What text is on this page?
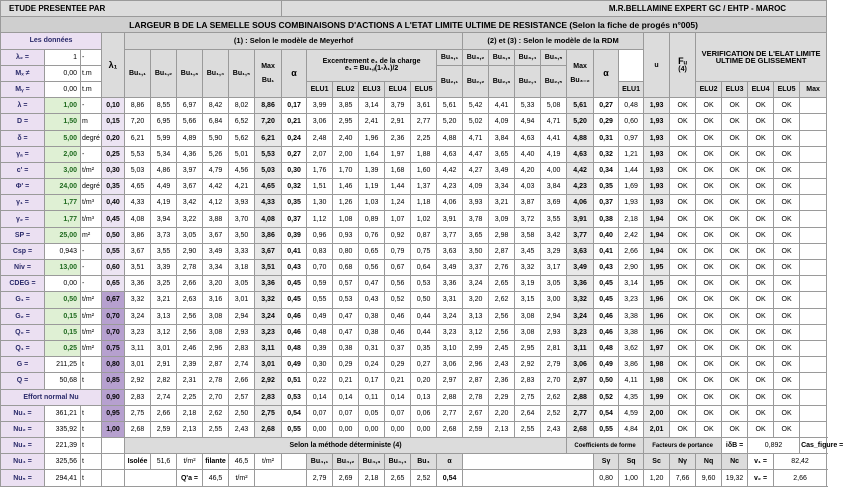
ETUDE PRESENTEE PAR										M.R.BELLAMINE EXPERT GC / EHTP - MAROC																					
LARGEUR B DE LA SEMELLE SOUS COMBINAISONS D'ACTIONS A L'ETAT LIMITE ULTIME DE RESISTANCE (Selon la fiche de progés n°005)																															
Les données			λ₁	(1) : Selon le modèle de Meyerhof													(2) et (3) : Selon le modèle de la RDM							u	Fᵤ
(4)	VERIFICATION DE L'ELAT LIMITE ULTIME DE GLISSEMENT					
λ₂ =	1	-		Bu₁,₁	Bu₁,₂	Bu₁,₃	Bu₁,₄	Bu₁,₅	Max

Bu₁	α	Excentrement e₁ de la charge
e₁ = Bu₁,ᵢ(1-λ₁)/2					Bu₃,₁	Bu₃,₂	Bu₃,₃	Bu₃,₄	Bu₃,₅	Max

Bu₃₋₂	α									
Mₓ ≠	0,00	t.m														Bu₂,₁	Bu₂,₂	Bu₂,₃	Bu₂,₄	Bu₂,₅											
Mᵧ =	0,00	t.m									ELU1	ELU2	ELU3	ELU4	ELU5								ELU1			ELU2	ELU3	ELU4	ELU5	Max	
λ =	1,00	-	0,10	8,86	8,55	6,97	8,42	8,02	8,86	0,17	3,99	3,85	3,14	3,79	3,61	5,61	5,42	4,41	5,33	5,08	5,61	0,27	0,48	1,93	OK	OK	OK	OK	OK		
D =	1,50	m	0,15	7,20	6,95	5,66	6,84	6,52	7,20	0,21	3,06	2,95	2,41	2,91	2,77	5,20	5,02	4,09	4,94	4,71	5,20	0,29	0,60	1,93	OK	OK	OK	OK	OK		
δ =	5,00	degré	0,20	6,21	5,99	4,89	5,90	5,62	6,21	0,24	2,48	2,40	1,96	2,36	2,25	4,88	4,71	3,84	4,63	4,41	4,88	0,31	0,97	1,93	OK	OK	OK	OK	OK		
γₐ =	2,00	-	0,25	5,53	5,34	4,36	5,26	5,01	5,53	0,27	2,07	2,00	1,64	1,97	1,88	4,63	4,47	3,65	4,40	4,19	4,63	0,32	1,21	1,93	OK	OK	OK	OK	OK		
c' =	3,00	t/m²	0,30	5,03	4,86	3,97	4,79	4,56	5,03	0,30	1,76	1,70	1,39	1,68	1,60	4,42	4,27	3,49	4,20	4,00	4,42	0,34	1,44	1,93	OK	OK	OK	OK	OK		
Φ' =	24,00	degré	0,35	4,65	4,49	3,67	4,42	4,21	4,65	0,32	1,51	1,46	1,19	1,44	1,37	4,23	4,09	3,34	4,03	3,84	4,23	0,35	1,69	1,93	OK	OK	OK	OK	OK		
γ₁ =	1,77	t/m³	0,40	4,33	4,19	3,42	4,12	3,93	4,33	0,35	1,30	1,26	1,03	1,24	1,18	4,06	3,93	3,21	3,87	3,69	4,06	0,37	1,93	1,93	OK	OK	OK	OK	OK		
γ₂ =	1,77	t/m³	0,45	4,08	3,94	3,22	3,88	3,70	4,08	0,37	1,12	1,08	0,89	1,07	1,02	3,91	3,78	3,09	3,72	3,55	3,91	0,38	2,18	1,94	OK	OK	OK	OK	OK		
SP =	25,00	m²	0,50	3,86	3,73	3,05	3,67	3,50	3,86	0,39	0,96	0,93	0,76	0,92	0,87	3,77	3,65	2,98	3,58	3,42	3,77	0,40	2,42	1,94	OK	OK	OK	OK	OK		
Csp =	0,943	-	0,55	3,67	3,55	2,90	3,49	3,33	3,67	0,41	0,83	0,80	0,65	0,79	0,75	3,63	3,50	2,87	3,45	3,29	3,63	0,41	2,66	1,94	OK	OK	OK	OK	OK		
Niv =	13,00	-	0,60	3,51	3,39	2,78	3,34	3,18	3,51	0,43	0,70	0,68	0,56	0,67	0,64	3,49	3,37	2,76	3,32	3,17	3,49	0,43	2,90	1,95	OK	OK	OK	OK	OK		
CDEG =	0,00	-	0,65	3,36	3,25	2,66	3,20	3,05	3,36	0,45	0,59	0,57	0,47	0,56	0,53	3,36	3,24	2,65	3,19	3,05	3,36	0,45	3,14	1,95	OK	OK	OK	OK	OK		
G₁ =	0,50	t/m²	0,67	3,32	3,21	2,63	3,16	3,01	3,32	0,45	0,55	0,53	0,43	0,52	0,50	3,31	3,20	2,62	3,15	3,00	3,32	0,45	3,23	1,96	OK	OK	OK	OK	OK		
G₂ =	0,15	t/m²	0,70	3,24	3,13	2,56	3,08	2,94	3,24	0,46	0,49	0,47	0,38	0,46	0,44	3,24	3,13	2,56	3,08	2,94	3,24	0,46	3,38	1,96	OK	OK	OK	OK	OK		
Q₀ =	0,15	t/m²	0,70	3,23	3,12	2,56	3,08	2,93	3,23	0,46	0,48	0,47	0,38	0,46	0,44	3,23	3,12	2,56	3,08	2,93	3,23	0,46	3,38	1,96	OK	OK	OK	OK	OK		
Q₁ =	0,25	t/m²	0,75	3,11	3,01	2,46	2,96	2,83	3,11	0,48	0,39	0,38	0,31	0,37	0,35	3,10	2,99	2,45	2,95	2,81	3,11	0,48	3,62	1,97	OK	OK	OK	OK	OK		
G =	211,25	t	0,80	3,01	2,91	2,39	2,87	2,74	3,01	0,49	0,30	0,29	0,24	0,29	0,27	3,06	2,96	2,43	2,92	2,79	3,06	0,49	3,86	1,98	OK	OK	OK	OK	OK		
Q =	50,68	t	0,85	2,92	2,82	2,31	2,78	2,66	2,92	0,51	0,22	0,21	0,17	0,21	0,20	2,97	2,87	2,36	2,83	2,70	2,97	0,50	4,11	1,98	OK	OK	OK	OK	OK		
Effort normal Nu			0,90	2,83	2,74	2,25	2,70	2,57	2,83	0,53	0,14	0,14	0,11	0,14	0,13	2,88	2,78	2,29	2,75	2,62	2,88	0,52	4,35	1,99	OK	OK	OK	OK	OK		
Nu₁ =	361,21	t	0,95	2,75	2,66	2,18	2,62	2,50	2,75	0,54	0,07	0,07	0,05	0,07	0,06	2,77	2,67	2,20	2,64	2,52	2,77	0,54	4,59	2,00	OK	OK	OK	OK	OK		
Nu₂ =	335,92	t	1,00	2,68	2,59	2,13	2,55	2,43	2,68	0,55	0,00	0,00	0,00	0,00	0,00	2,68	2,59	2,13	2,55	2,43	2,68	0,55	4,84	2,01	OK	OK	OK	OK	OK		
Nu₃ =	221,39	t		Selon la méthode déterministe (4)																	Coefficients de forme			Facteurs de portance			iδB =	0,892		Cas_figure =	
Nu₄ =	325,56	t		Isolée	51,6	t/m²	filante	46,5	t/m²		Bu₄,₁	Bu₄,₂	Bu₄,₃	Bu₄,₄	Bu₄	α						Sγ	Sq	Sc	Nγ	Nq	Nc	v₁ =	82,42		
Nu₅ =	294,41	t				Q'a =	46,5	t/m²			2,79	2,69	2,18	2,65	2,52	0,54						0,80	1,00	1,20	7,66	9,60	19,32	v₂ =	2,66		
